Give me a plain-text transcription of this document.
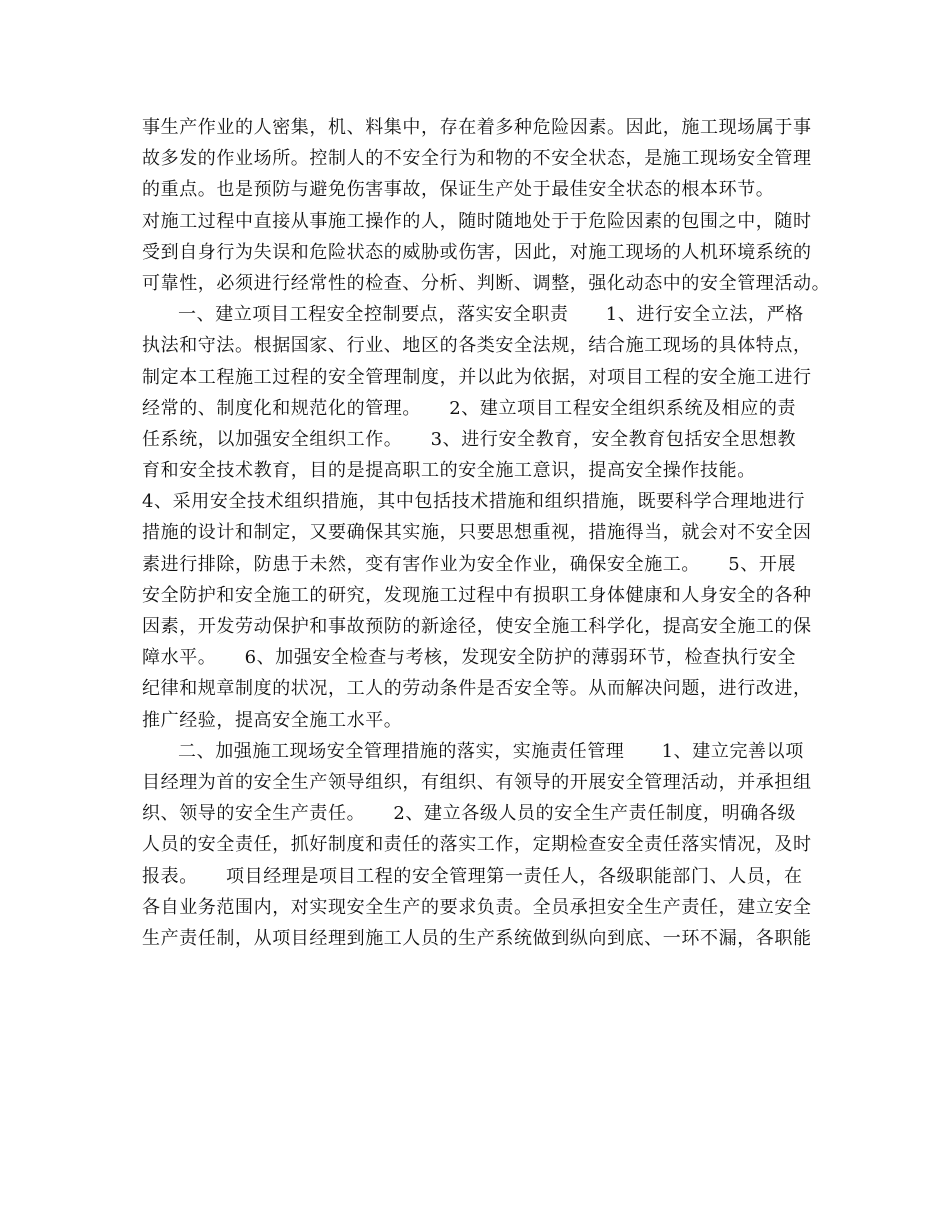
事生产作业的人密集，机、料集中，存在着多种危险因素。因此，施工现场属于事
故多发的作业场所。控制人的不安全行为和物的不安全状态，是施工现场安全管理
的重点。也是预防与避免伤害事故，保证生产处于最佳安全状态的根本环节。
对施工过程中直接从事施工操作的人，随时随地处于于危险因素的包围之中，随时
受到自身行为失误和危险状态的威胁或伤害，因此，对施工现场的人机环境系统的
可靠性，必须进行经常性的检查、分析、判断、调整，强化动态中的安全管理活动。
一、建立项目工程安全控制要点，落实安全职责　　1、进行安全立法，严格
执法和守法。根据国家、行业、地区的各类安全法规，结合施工现场的具体特点，
制定本工程施工过程的安全管理制度，并以此为依据，对项目工程的安全施工进行
经常的、制度化和规范化的管理。　　2、建立项目工程安全组织系统及相应的责
任系统，以加强安全组织工作。　　3、进行安全教育，安全教育包括安全思想教
育和安全技术教育，目的是提高职工的安全施工意识，提高安全操作技能。
4、采用安全技术组织措施，其中包括技术措施和组织措施，既要科学合理地进行
措施的设计和制定，又要确保其实施，只要思想重视，措施得当，就会对不安全因
素进行排除，防患于未然，变有害作业为安全作业，确保安全施工。　　5、开展
安全防护和安全施工的研究，发现施工过程中有损职工身体健康和人身安全的各种
因素，开发劳动保护和事故预防的新途径，使安全施工科学化，提高安全施工的保
障水平。　　6、加强安全检查与考核，发现安全防护的薄弱环节，检查执行安全
纪律和规章制度的状况，工人的劳动条件是否安全等。从而解决问题，进行改进，
推广经验，提高安全施工水平。
二、加强施工现场安全管理措施的落实，实施责任管理　　1、建立完善以项
目经理为首的安全生产领导组织，有组织、有领导的开展安全管理活动，并承担组
织、领导的安全生产责任。　　2、建立各级人员的安全生产责任制度，明确各级
人员的安全责任，抓好制度和责任的落实工作，定期检查安全责任落实情况，及时
报表。　　项目经理是项目工程的安全管理第一责任人，各级职能部门、人员，在
各自业务范围内，对实现安全生产的要求负责。全员承担安全生产责任，建立安全
生产责任制，从项目经理到施工人员的生产系统做到纵向到底、一环不漏，各职能
